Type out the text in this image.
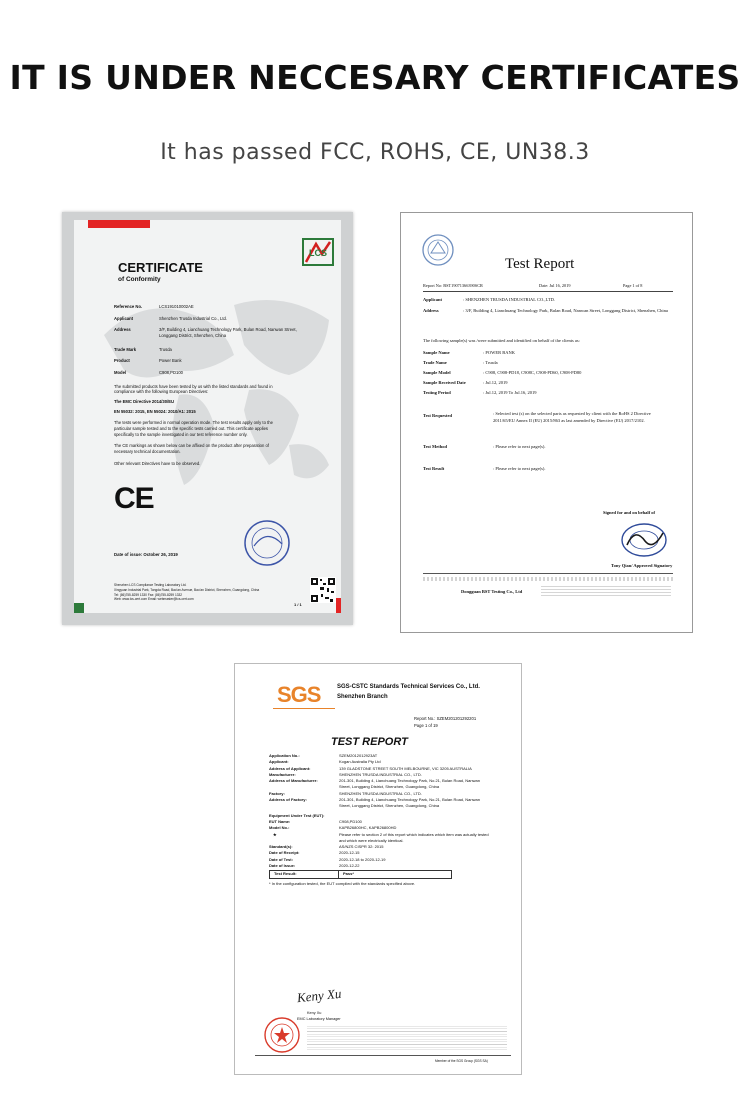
IT IS UNDER NECCESARY CERTIFICATES
It has passed FCC, ROHS, CE, UN38.3
LCS
CERTIFICATE
of Conformity
Reference No.	LCS191010002AE
Applicant	Shenzhen Trusda Industrial Co., Ltd.
Address	3/F, Building 4, Lianchuang Technology Park, Bulan Road, Nanwan Street, Longgang District, Shenzhen, China
Trade Mark	Trusda
Product	Power Bank
Model	C908,PD100
The submitted products have been tested by us with the listed standards and found in compliance with the following European Directives:
The EMC Directive 2014/30/EU
EN 55032: 2015, EN 55024: 2010/A1: 2015
The tests were performed in normal operation mode. The test results apply only to the particular sample tested and to the specific tests carried out. This certificate applies specifically to the sample investigated in our test reference number only.
The CE markings as shown below can be affixed on the product after preparation of necessary technical documentation.
Other relevant Directives have to be observed.
CE
Date of issue: October 26, 2019
Shenzhen LCS Compliance Testing Laboratory Ltd.
Xingyuan Industrial Park, Tongda Road, Bao'an Avenue, Bao'an District, Shenzhen, Guangdong, China
Tel: (86)755-8259 1330 Fax: (86)755-8259 1332
Web: www.lcs-cert.com Email: webmaster@lcs-cert.com
1 / 1
Test Report
Report No: BST19071366390SCR	Date: Jul 16, 2019	Page 1 of 8
Applicant	: SHENZHEN TRUSDA INDUSTRIAL CO.,LTD.
Address	: 3/F, Building 4, Lianchuang Technology Park, Bulan Road, Nanwan Street, Longgang District, Shenzhen, China
The following sample(s) was /were submitted and identified on behalf of the clients as:
Sample Name	: POWER BANK
Trade Name	: Trusda
Sample Model	: C908, C908-PD18, C908C, C908-PD60, C908-PD80
Sample Received Date	: Jul.12, 2019
Testing Period	: Jul.12, 2019 To Jul.16, 2019
Test Requested	: Selected test (s) on the selected parts as requested by client with the RoHS 2 Directive 2011/65/EU Annex II (EU) 2015/863 as last amended by Directive (EU) 2017/2102.
Test Method	: Please refer to next page(s).
Test Result	: Please refer to next page(s).
Signed for and on behalf of
Tony Qian/ Approved Signatory
Dongguan BST Testing Co., Ltd
SGS	SGS-CSTC Standards Technical Services Co., Ltd.
Shenzhen Branch
Report No.: SZEM201201292201
Page 1 of 19
TEST REPORT
Application No.:	SZEM2012012923AT
Applicant:	Kogan Australia Pty Ltd
Address of Applicant:	139 GLADSTONE STREET SOUTH MELBOURNE, VIC 3205 AUSTRALIA
Manufacturer:	SHENZHEN TRUSDA INDUSTRIAL CO., LTD.
Address of Manufacturer:	201-301, Building 4, Lianchuang Technology Park, No.21, Bulan Road, Nanwan Street, Longgang District, Shenzhen, Guangdong, China
Factory:	SHENZHEN TRUSDA INDUSTRIAL CO., LTD.
Address of Factory:	201-301, Building 4, Lianchuang Technology Park, No.21, Bulan Road, Nanwan Street, Longgang District, Shenzhen, Guangdong, China
Equipment Under Test (EUT):
EUT Name:	C908,PD100
Model No.:	KAPB26800HC, KAPB26800HD
★	Please refer to section 2 of this report which indicates which item was actually tested and which were electrically identical.
Standard(s):	AS/NZS CISPR 32: 2015
Date of Receipt:	2020-12-15
Date of Test:	2020-12-18 to 2020-12-19
Date of Issue:	2020-12-22
Test Result:	Pass*
* In the configuration tested, the EUT complied with the standards specified above.
Keny Xu
Keny Xu
EMC Laboratory Manager
Member of the SGS Group (SGS SA)
